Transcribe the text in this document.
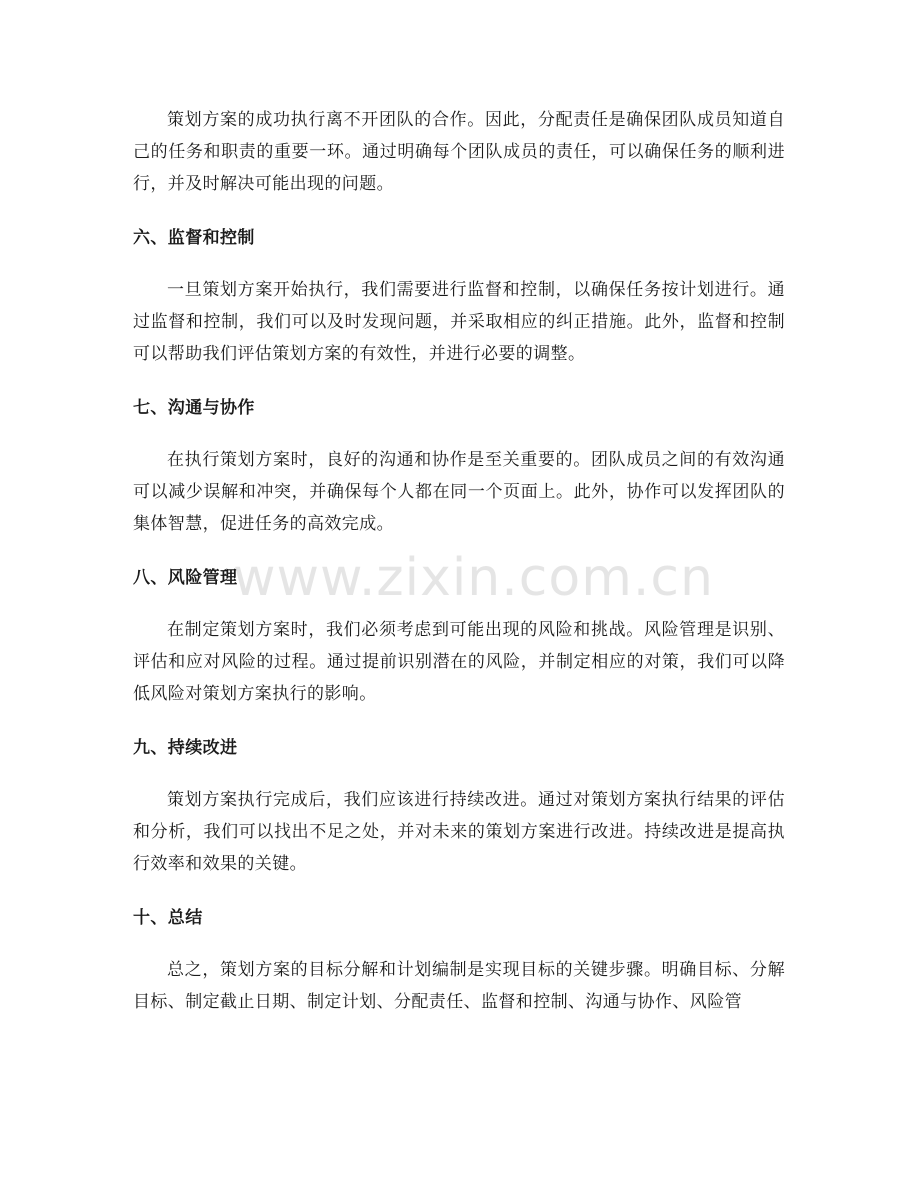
策划方案的成功执行离不开团队的合作。因此，分配责任是确保团队成员知道自己的任务和职责的重要一环。通过明确每个团队成员的责任，可以确保任务的顺利进行，并及时解决可能出现的问题。

六、监督和控制

一旦策划方案开始执行，我们需要进行监督和控制，以确保任务按计划进行。通过监督和控制，我们可以及时发现问题，并采取相应的纠正措施。此外，监督和控制可以帮助我们评估策划方案的有效性，并进行必要的调整。

七、沟通与协作

在执行策划方案时，良好的沟通和协作是至关重要的。团队成员之间的有效沟通可以减少误解和冲突，并确保每个人都在同一个页面上。此外，协作可以发挥团队的集体智慧，促进任务的高效完成。

八、风险管理

在制定策划方案时，我们必须考虑到可能出现的风险和挑战。风险管理是识别、评估和应对风险的过程。通过提前识别潜在的风险，并制定相应的对策，我们可以降低风险对策划方案执行的影响。

九、持续改进

策划方案执行完成后，我们应该进行持续改进。通过对策划方案执行结果的评估和分析，我们可以找出不足之处，并对未来的策划方案进行改进。持续改进是提高执行效率和效果的关键。

十、总结

总之，策划方案的目标分解和计划编制是实现目标的关键步骤。明确目标、分解目标、制定截止日期、制定计划、分配责任、监督和控制、沟通与协作、风险管

www.zixin.com.cn
